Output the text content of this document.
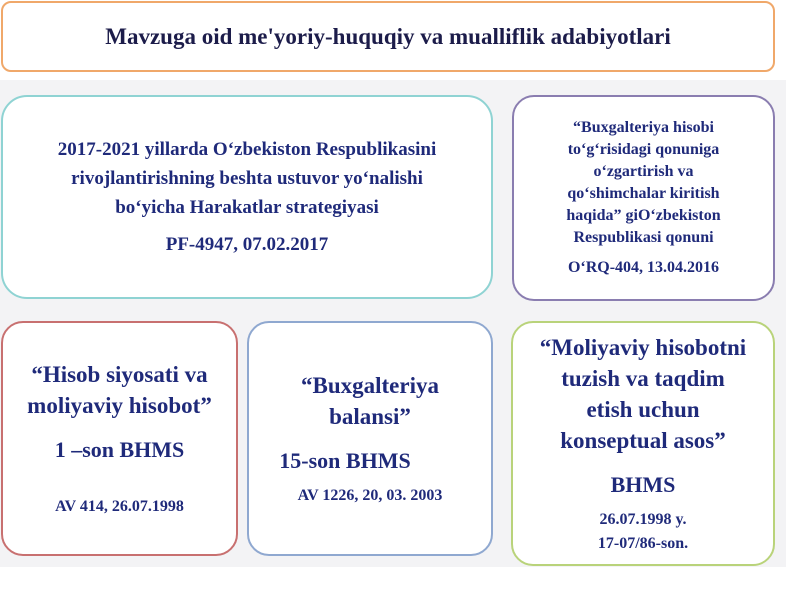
Mavzuga oid me'yoriy-huquqiy va mualliflik adabiyotlari
2017-2021 yillarda O‘zbekiston Respublikasini
rivojlantirishning beshta ustuvor yo‘nalishi
bo‘yicha Harakatlar strategiyasi
PF-4947, 07.02.2017
“Buxgalteriya hisobi
to‘g‘risidagi qonuniga
o‘zgartirish va
qo‘shimchalar kiritish
haqida” giO‘zbekiston
Respublikasi qonuni
O‘RQ-404, 13.04.2016
“Hisob siyosati va
moliyaviy hisobot”
1 –son BHMS
AV 414, 26.07.1998
“Buxgalteriya
balansi”
15-son BHMS
AV 1226, 20, 03. 2003
“Moliyaviy hisobotni
tuzish va taqdim
etish uchun
konseptual asos”
BHMS
26.07.1998 y.
17-07/86-son.
